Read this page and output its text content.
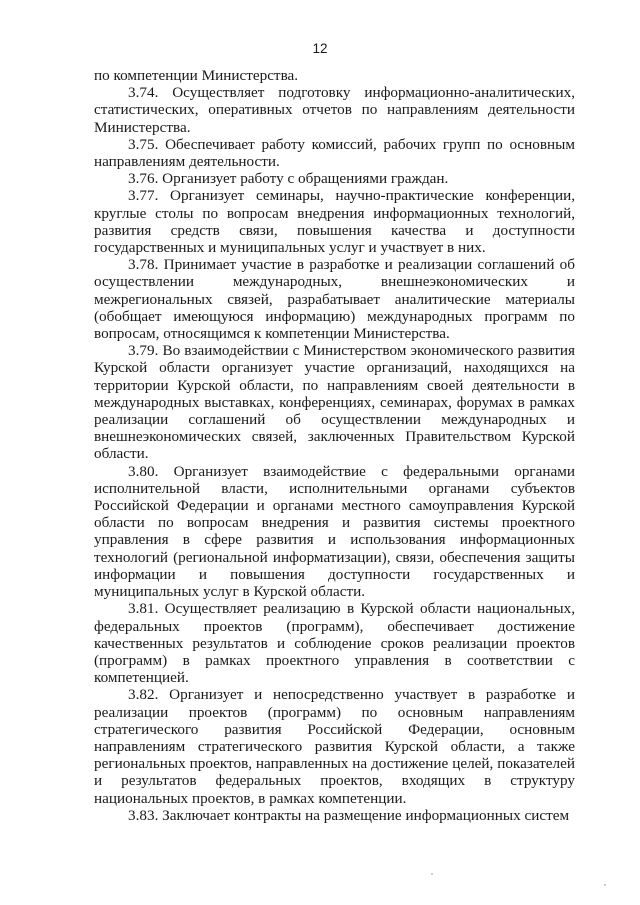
12

по компетенции Министерства.

3.74. Осуществляет подготовку информационно-аналитических, статистических, оперативных отчетов по направлениям деятельности Министерства.

3.75. Обеспечивает работу комиссий, рабочих групп по основным направлениям деятельности.

3.76. Организует работу с обращениями граждан.

3.77. Организует семинары, научно-практические конференции, круглые столы по вопросам внедрения информационных технологий, развития средств связи, повышения качества и доступности государственных и муниципальных услуг и участвует в них.

3.78. Принимает участие в разработке и реализации соглашений об осуществлении международных, внешнеэкономических и межрегиональных связей, разрабатывает аналитические материалы (обобщает имеющуюся информацию) международных программ по вопросам, относящимся к компетенции Министерства.

3.79. Во взаимодействии с Министерством экономического развития Курской области организует участие организаций, находящихся на территории Курской области, по направлениям своей деятельности в международных выставках, конференциях, семинарах, форумах в рамках реализации соглашений об осуществлении международных и внешнеэкономических связей, заключенных Правительством Курской области.

3.80. Организует взаимодействие с федеральными органами исполнительной власти, исполнительными органами субъектов Российской Федерации и органами местного самоуправления Курской области по вопросам внедрения и развития системы проектного управления в сфере развития и использования информационных технологий (региональной информатизации), связи, обеспечения защиты информации и повышения доступности государственных и муниципальных услуг в Курской области.

3.81. Осуществляет реализацию в Курской области национальных, федеральных проектов (программ), обеспечивает достижение качественных результатов и соблюдение сроков реализации проектов (программ) в рамках проектного управления в соответствии с компетенцией.

3.82. Организует и непосредственно участвует в разработке и реализации проектов (программ) по основным направлениям стратегического развития Российской Федерации, основным направлениям стратегического развития Курской области, а также региональных проектов, направленных на достижение целей, показателей и результатов федеральных проектов, входящих в структуру национальных проектов, в рамках компетенции.

3.83. Заключает контракты на размещение информационных систем
